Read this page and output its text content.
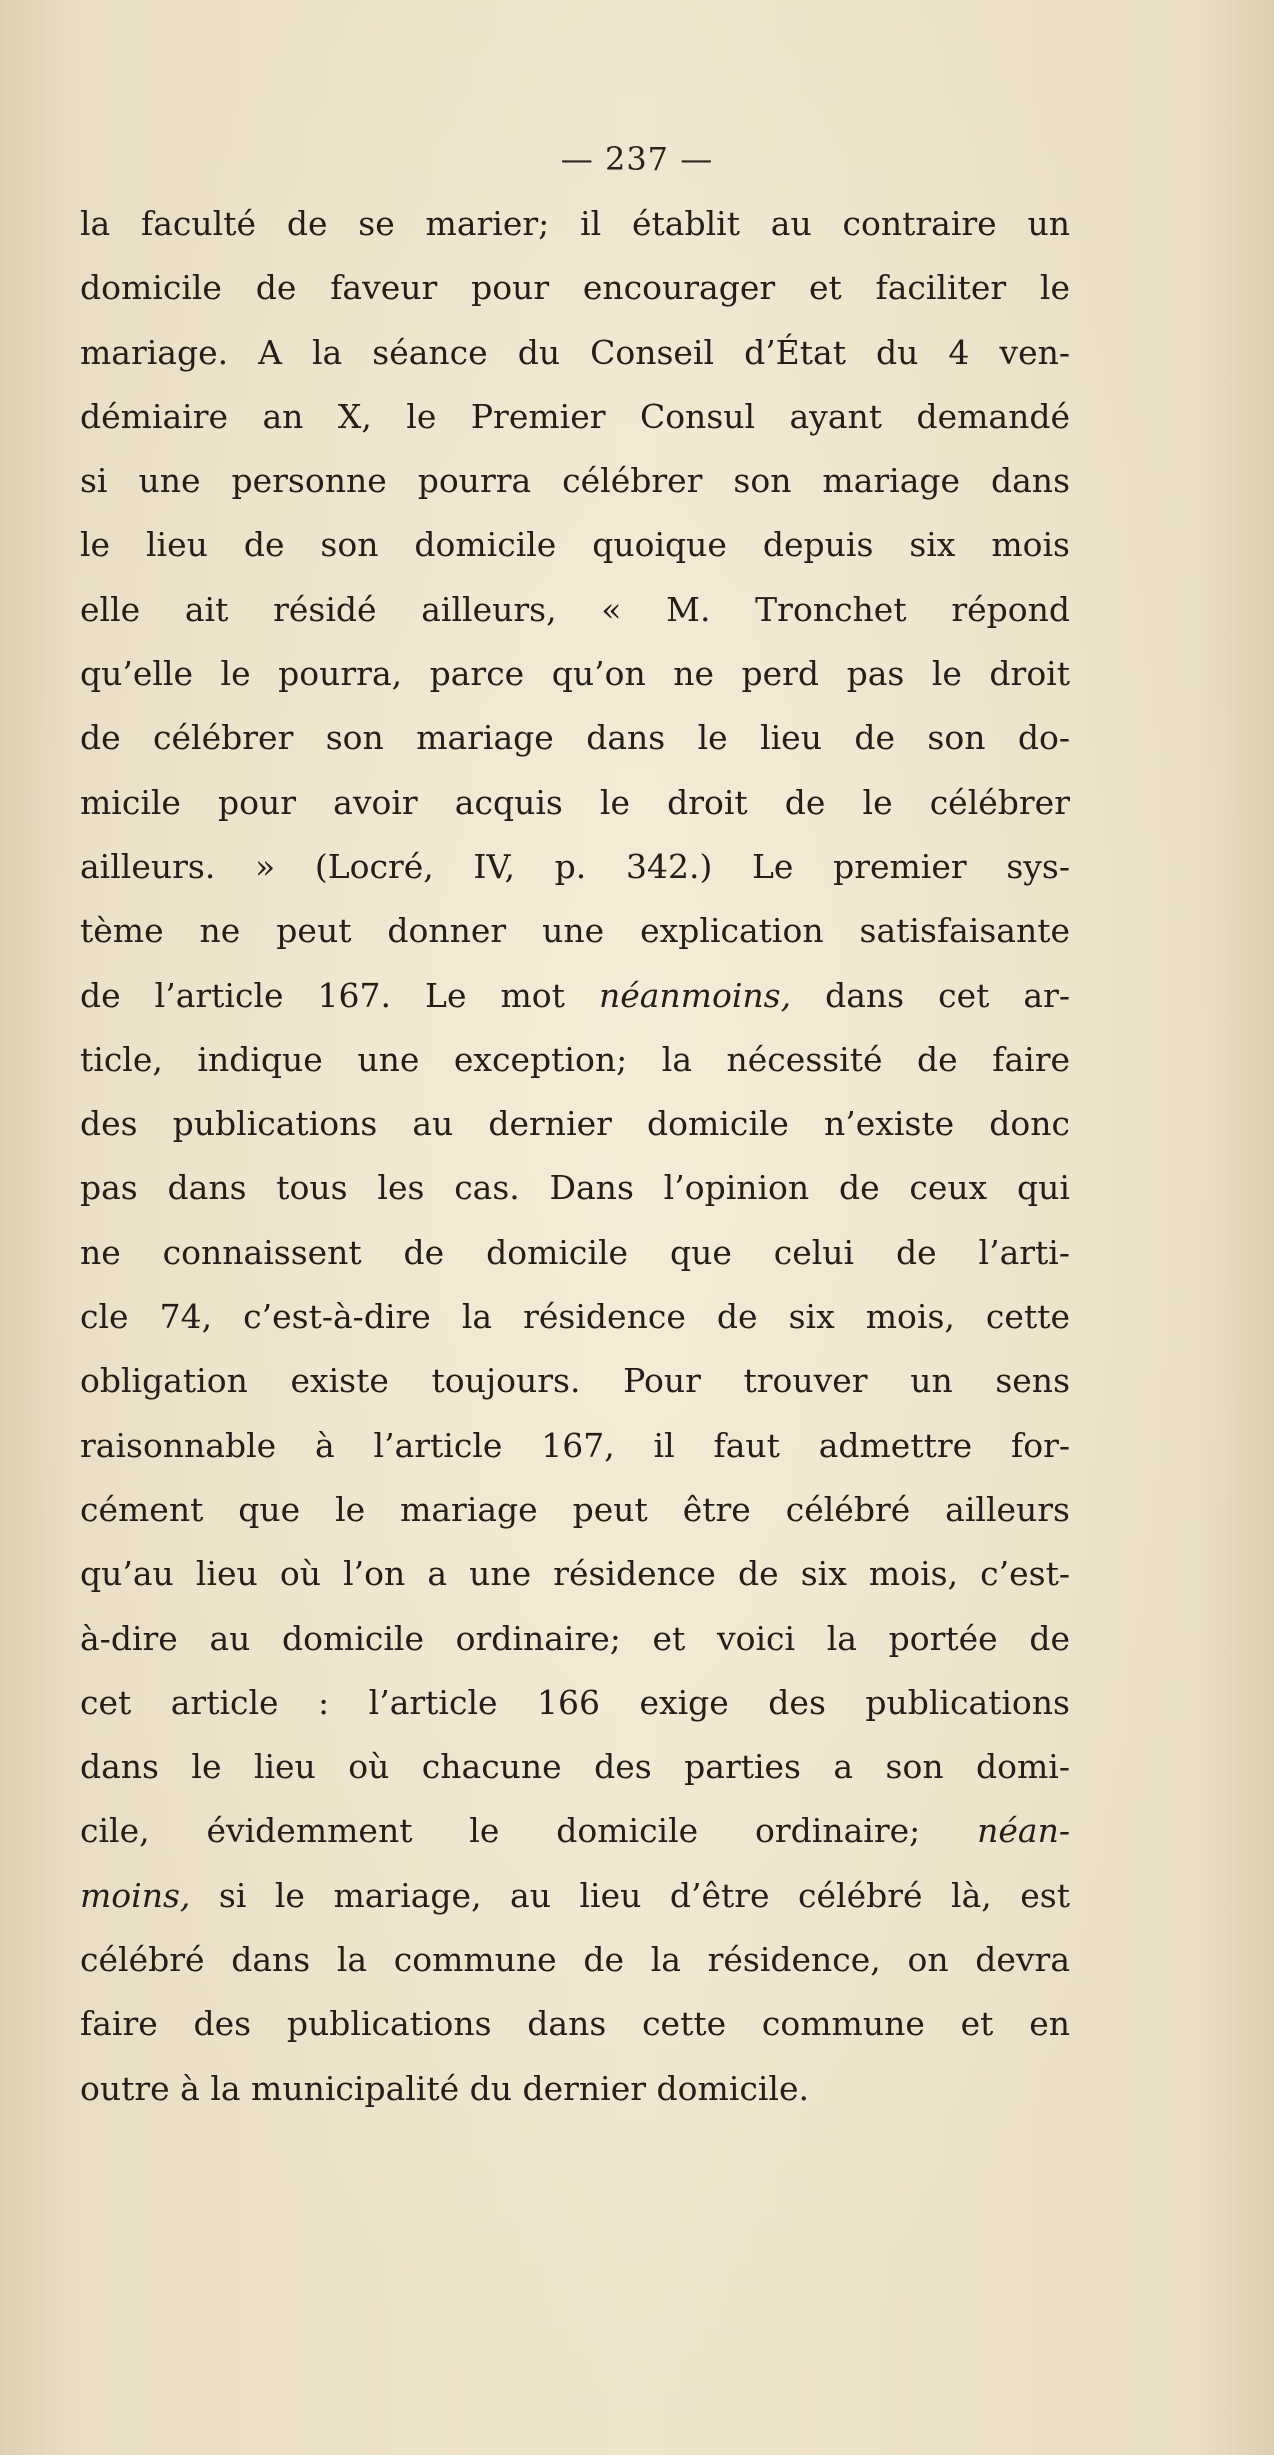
— 237 —
la faculté de se marier; il établit au contraire un
domicile de faveur pour encourager et faciliter le
mariage. A la séance du Conseil d’État du 4 ven-
démiaire an X, le Premier Consul ayant demandé
si une personne pourra célébrer son mariage dans
le lieu de son domicile quoique depuis six mois
elle ait résidé ailleurs, « M. Tronchet répond
qu’elle le pourra, parce qu’on ne perd pas le droit
de célébrer son mariage dans le lieu de son do-
micile pour avoir acquis le droit de le célébrer
ailleurs. » (Locré, IV, p. 342.) Le premier sys-
tème ne peut donner une explication satisfaisante
de l’article 167. Le mot néanmoins, dans cet ar-
ticle, indique une exception; la nécessité de faire
des publications au dernier domicile n’existe donc
pas dans tous les cas. Dans l’opinion de ceux qui
ne connaissent de domicile que celui de l’arti-
cle 74, c’est-à-dire la résidence de six mois, cette
obligation existe toujours. Pour trouver un sens
raisonnable à l’article 167, il faut admettre for-
cément que le mariage peut être célébré ailleurs
qu’au lieu où l’on a une résidence de six mois, c’est-
à-dire au domicile ordinaire; et voici la portée de
cet article : l’article 166 exige des publications
dans le lieu où chacune des parties a son domi-
cile, évidemment le domicile ordinaire; néan-
moins, si le mariage, au lieu d’être célébré là, est
célébré dans la commune de la résidence, on devra
faire des publications dans cette commune et en
outre à la municipalité du dernier domicile.
